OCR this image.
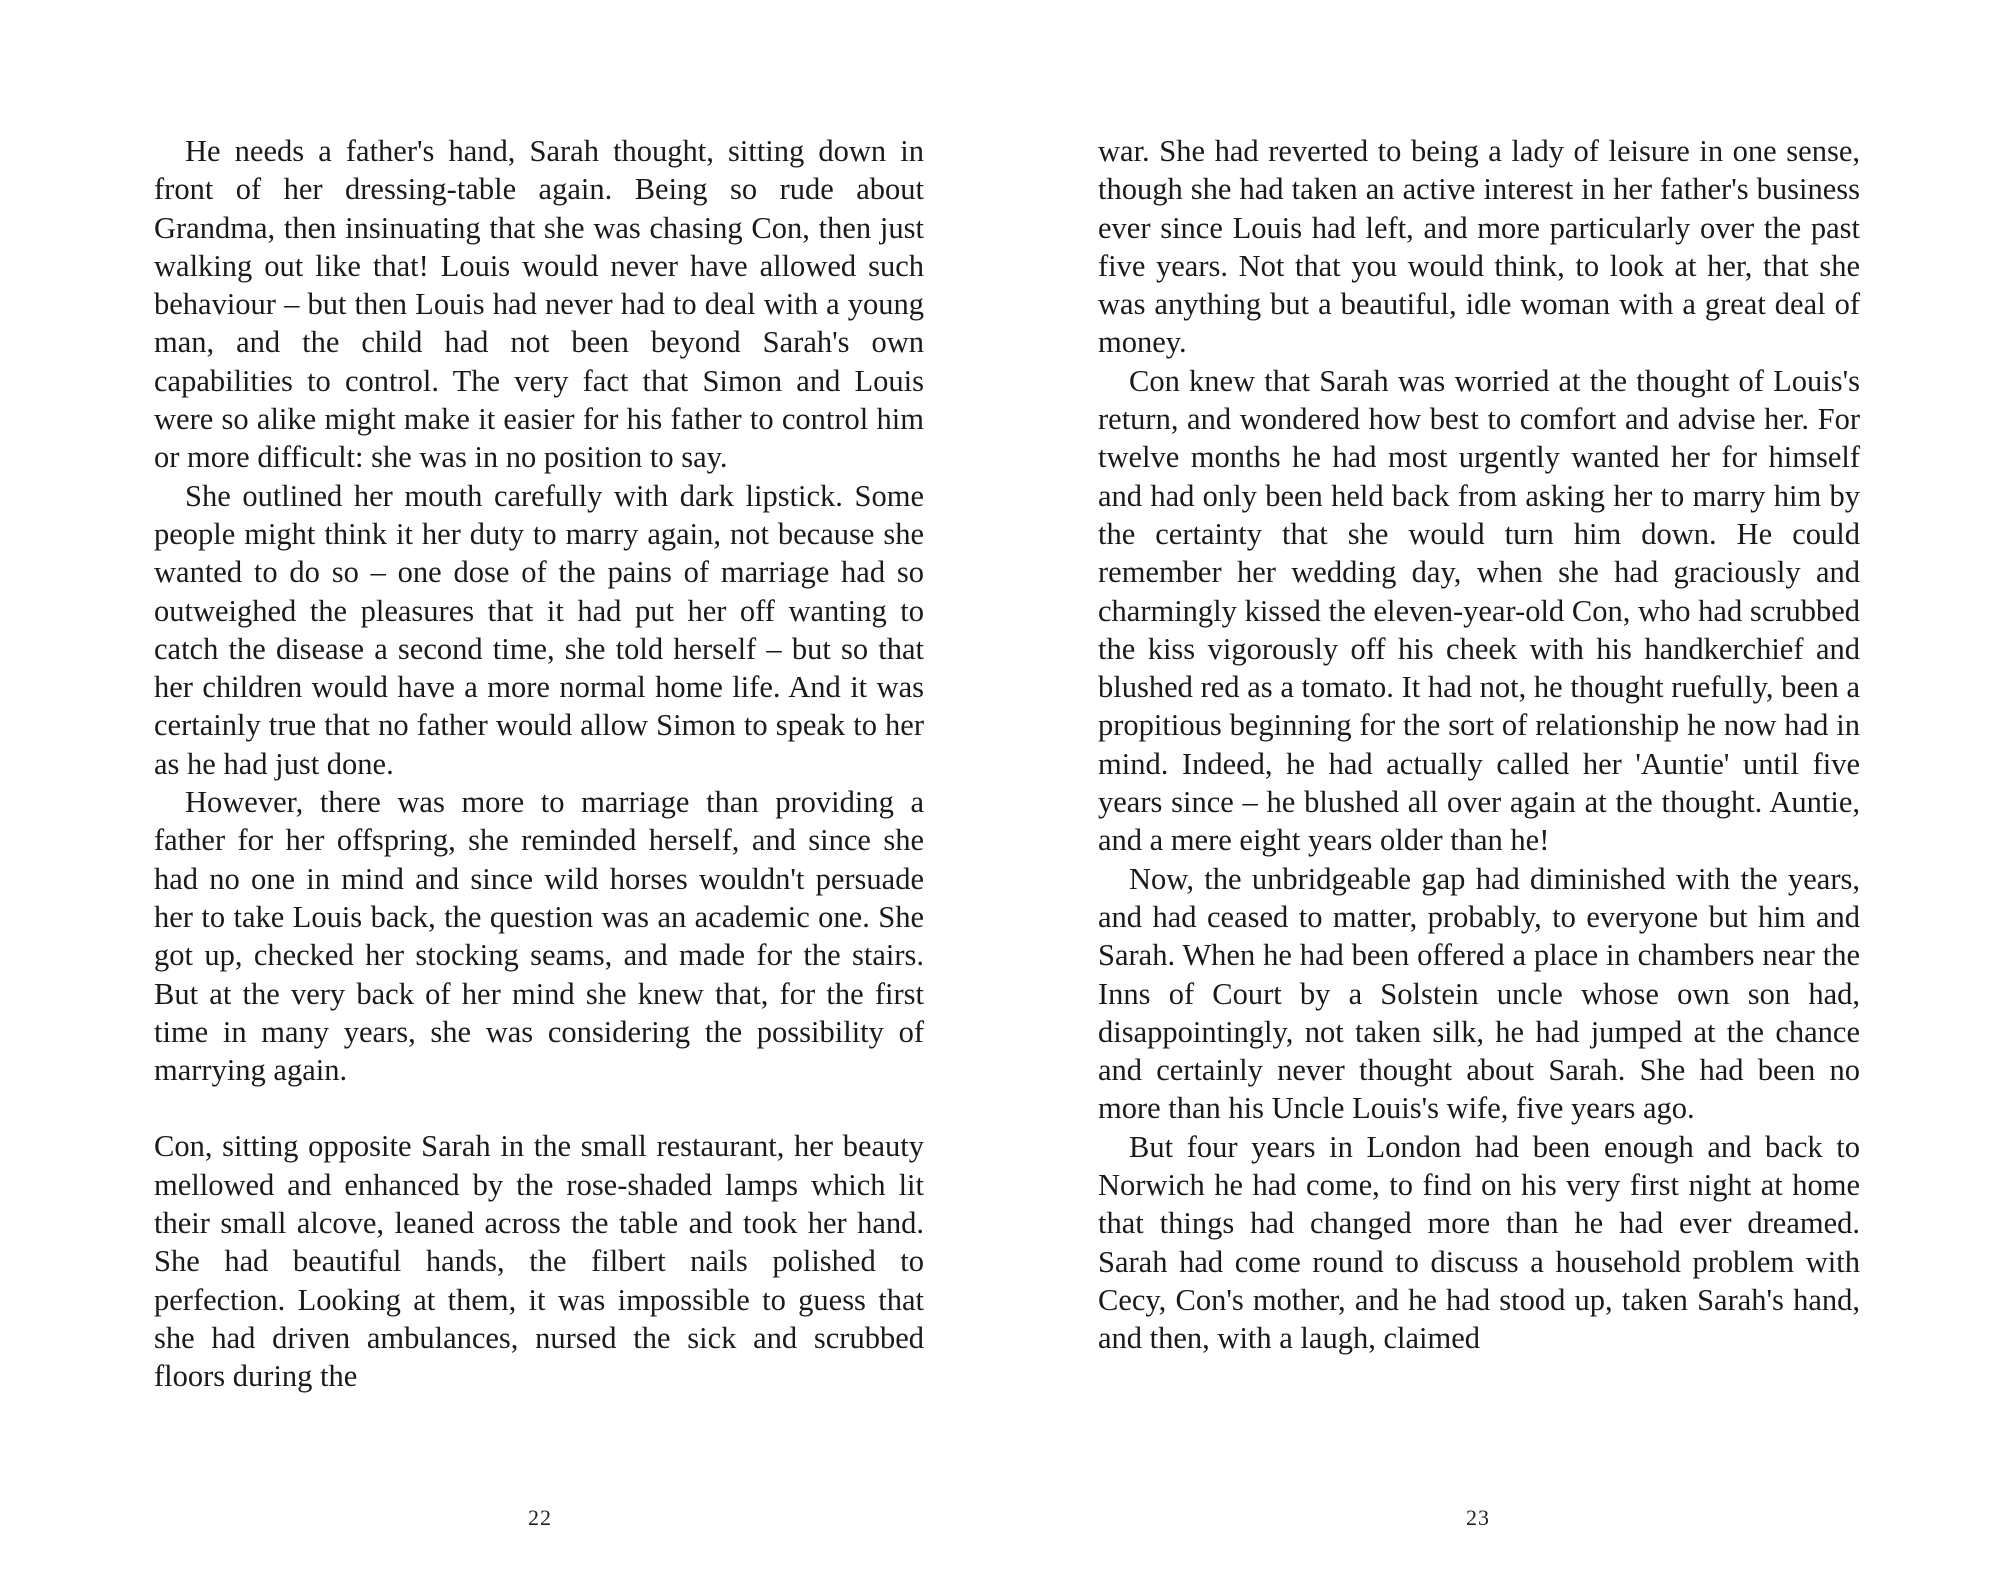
He needs a father's hand, Sarah thought, sitting down in front of her dressing-table again. Being so rude about Grandma, then insinuating that she was chasing Con, then just walking out like that! Louis would never have allowed such behaviour – but then Louis had never had to deal with a young man, and the child had not been beyond Sarah's own capabilities to control. The very fact that Simon and Louis were so alike might make it easier for his father to control him or more difficult: she was in no position to say.

She outlined her mouth carefully with dark lipstick. Some people might think it her duty to marry again, not because she wanted to do so – one dose of the pains of marriage had so outweighed the pleasures that it had put her off wanting to catch the disease a second time, she told herself – but so that her children would have a more normal home life. And it was certainly true that no father would allow Simon to speak to her as he had just done.

However, there was more to marriage than providing a father for her offspring, she reminded herself, and since she had no one in mind and since wild horses wouldn't persuade her to take Louis back, the question was an academic one. She got up, checked her stocking seams, and made for the stairs. But at the very back of her mind she knew that, for the first time in many years, she was considering the possibility of marrying again.

Con, sitting opposite Sarah in the small restaurant, her beauty mellowed and enhanced by the rose-shaded lamps which lit their small alcove, leaned across the table and took her hand. She had beautiful hands, the filbert nails polished to perfection. Looking at them, it was impossible to guess that she had driven ambulances, nursed the sick and scrubbed floors during the

22

war. She had reverted to being a lady of leisure in one sense, though she had taken an active interest in her father's business ever since Louis had left, and more particularly over the past five years. Not that you would think, to look at her, that she was anything but a beautiful, idle woman with a great deal of money.

Con knew that Sarah was worried at the thought of Louis's return, and wondered how best to comfort and advise her. For twelve months he had most urgently wanted her for himself and had only been held back from asking her to marry him by the certainty that she would turn him down. He could remember her wedding day, when she had graciously and charmingly kissed the eleven-year-old Con, who had scrubbed the kiss vigorously off his cheek with his handkerchief and blushed red as a tomato. It had not, he thought ruefully, been a propitious beginning for the sort of relationship he now had in mind. Indeed, he had actually called her 'Auntie' until five years since – he blushed all over again at the thought. Auntie, and a mere eight years older than he!

Now, the unbridgeable gap had diminished with the years, and had ceased to matter, probably, to everyone but him and Sarah. When he had been offered a place in chambers near the Inns of Court by a Solstein uncle whose own son had, disappointingly, not taken silk, he had jumped at the chance and certainly never thought about Sarah. She had been no more than his Uncle Louis's wife, five years ago.

But four years in London had been enough and back to Norwich he had come, to find on his very first night at home that things had changed more than he had ever dreamed. Sarah had come round to discuss a household problem with Cecy, Con's mother, and he had stood up, taken Sarah's hand, and then, with a laugh, claimed

23
